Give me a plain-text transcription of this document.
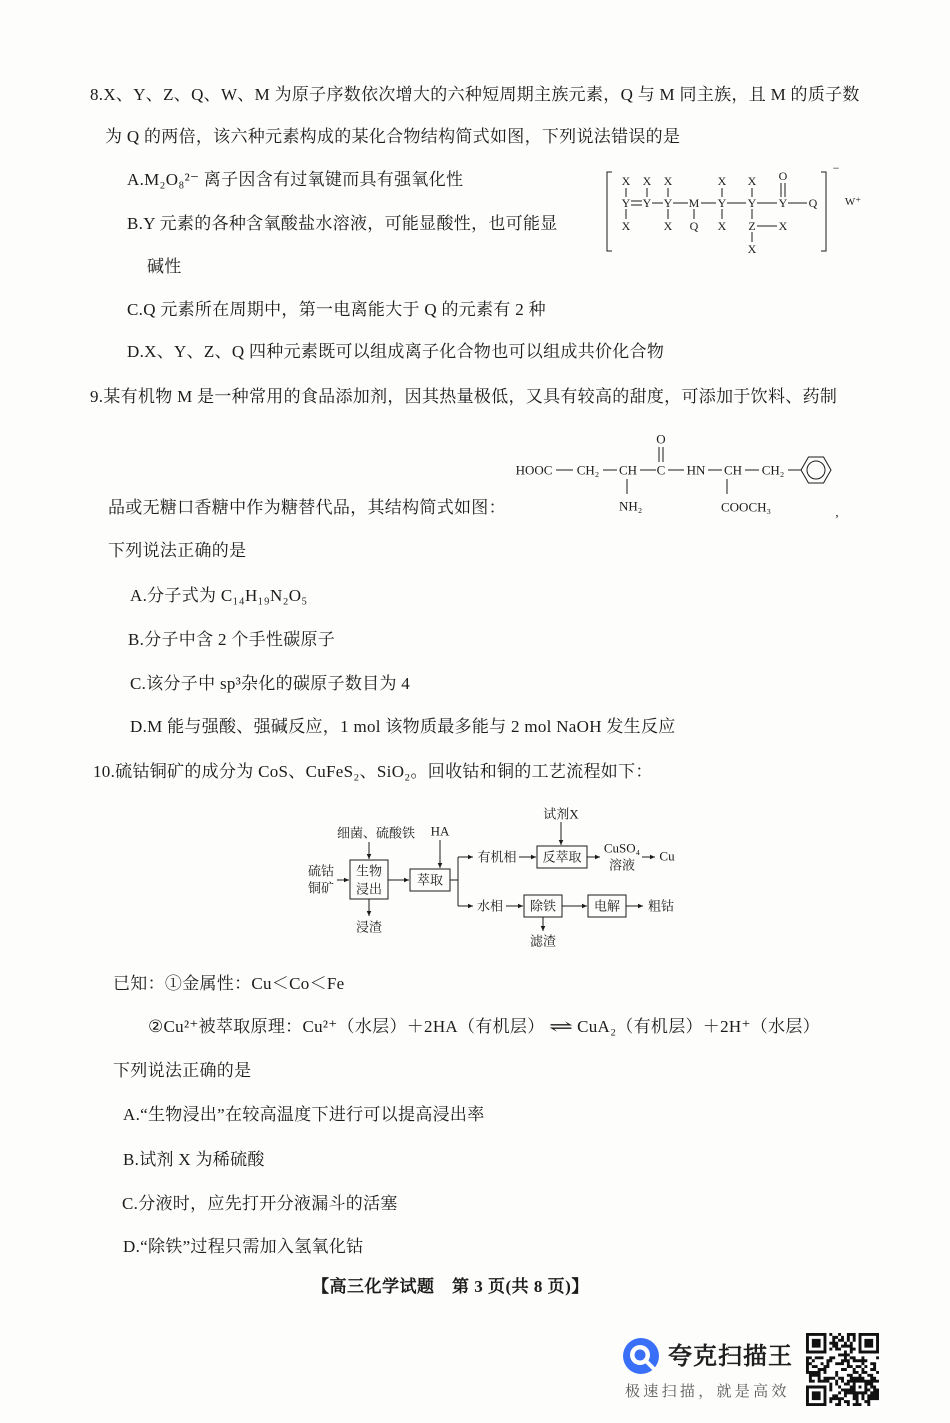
8.X、Y、Z、Q、W、M 为原子序数依次增大的六种短周期主族元素，Q 与 M 同主族，且 M 的质子数
为 Q 的两倍，该六种元素构成的某化合物结构简式如图，下列说法错误的是
A.M₂O₈²⁻ 离子因含有过氧键而具有强氧化性
B.Y 元素的各种含氧酸盐水溶液，可能显酸性，也可能显
碱性
C.Q 元素所在周期中，第一电离能大于 Q 的元素有 2 种
D.X、Y、Z、Q 四种元素既可以组成离子化合物也可以组成共价化合物
−
W⁺
X X X	X X O
Y Y Y M Y Y Y Q
X	X Q X Z X
X
9.某有机物 M 是一种常用的食品添加剂，因其热量极低，又具有较高的甜度，可添加于饮料、药制
品或无糖口香糖中作为糖替代品，其结构简式如图：
HOOC CH₂ CH C
O
HN CH CH₂
NH₂	COOCH₃	,
下列说法正确的是
A.分子式为 C₁₄H₁₉N₂O₅
B.分子中含 2 个手性碳原子
C.该分子中 sp³杂化的碳原子数目为 4
D.M 能与强酸、强碱反应，1 mol 该物质最多能与 2 mol NaOH 发生反应
10.硫钴铜矿的成分为 CoS、CuFeS₂、SiO₂。回收钴和铜的工艺流程如下：
试剂X
细菌、硫酸铁 HA
硫钴
铜矿
生物
浸出
浸渣
萃取
有机相 反萃取
CuSO₄
溶液
Cu
水相 除铁
滤渣
电解 粗钴
已知：①金属性：Cu＜Co＜Fe
②Cu²⁺被萃取原理：Cu²⁺（水层）＋2HA（有机层） ⇌ CuA₂（有机层）＋2H⁺（水层）
下列说法正确的是
A.“生物浸出”在较高温度下进行可以提高浸出率
B.试剂 X 为稀硫酸
C.分液时，应先打开分液漏斗的活塞
D.“除铁”过程只需加入氢氧化钴
【高三化学试题　第 3 页(共 8 页)】
夸克扫描王
极速扫描，就是高效
